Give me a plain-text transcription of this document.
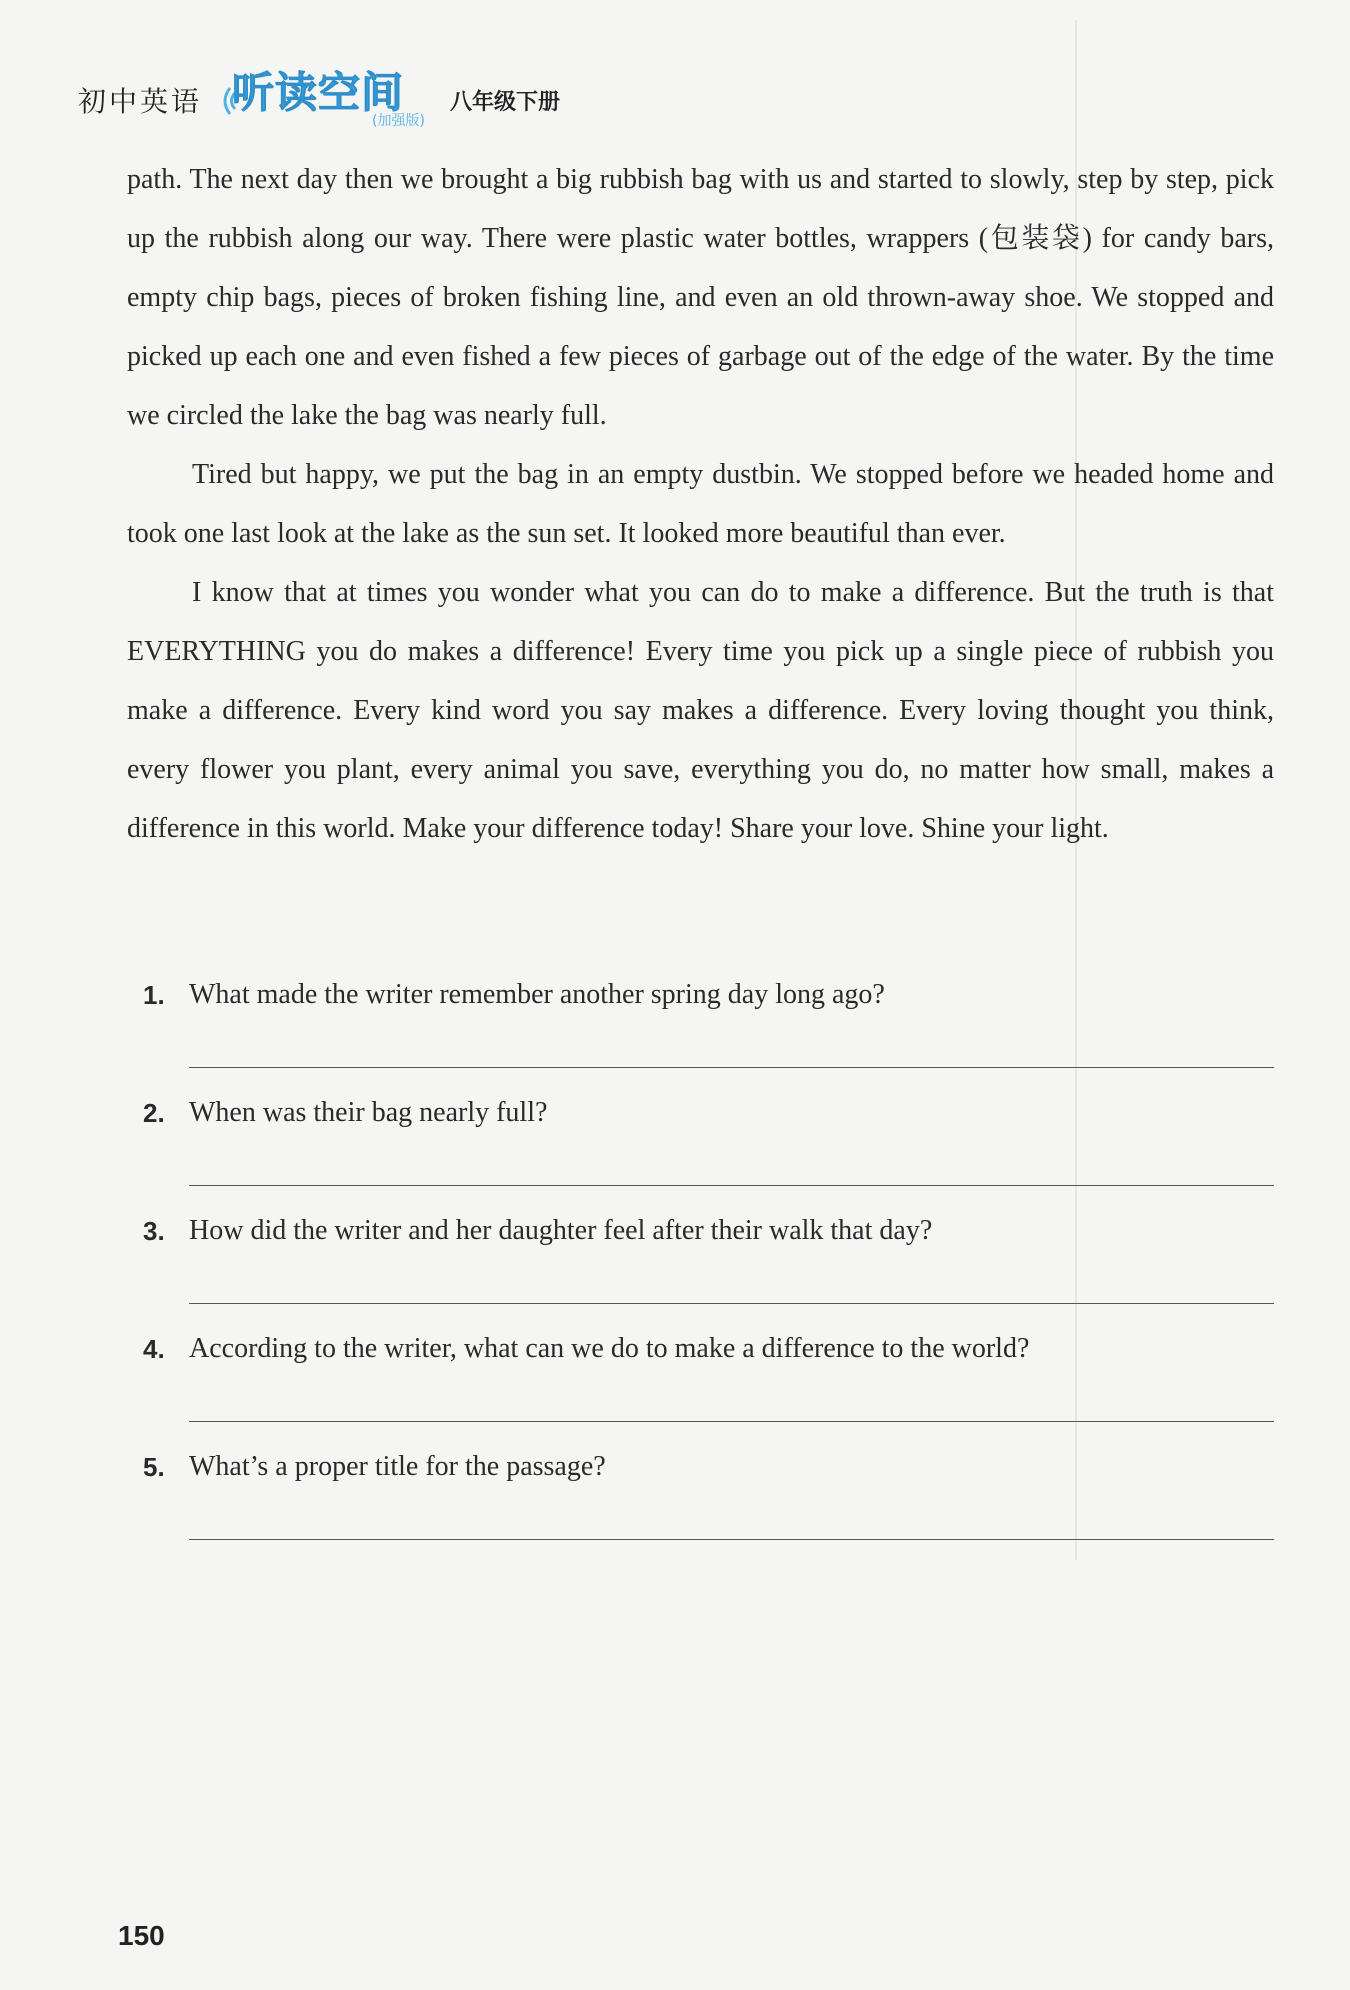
初中英语 听读空间
(加强版)
八年级下册

path. The next day then we brought a big rubbish bag with us and started to slowly, step by step, pick up the rubbish along our way. There were plastic water bottles, wrappers (包装袋) for candy bars, empty chip bags, pieces of broken fishing line, and even an old thrown-away shoe. We stopped and picked up each one and even fished a few pieces of garbage out of the edge of the water. By the time we circled the lake the bag was nearly full.

Tired but happy, we put the bag in an empty dustbin. We stopped before we headed home and took one last look at the lake as the sun set. It looked more beautiful than ever.

I know that at times you wonder what you can do to make a difference. But the truth is that EVERYTHING you do makes a difference! Every time you pick up a single piece of rubbish you make a difference. Every kind word you say makes a difference. Every loving thought you think, every flower you plant, every animal you save, everything you do, no matter how small, makes a difference in this world. Make your difference today! Share your love. Shine your light.

1. What made the writer remember another spring day long ago?
2. When was their bag nearly full?
3. How did the writer and her daughter feel after their walk that day?
4. According to the writer, what can we do to make a difference to the world?
5. What’s a proper title for the passage?
150
